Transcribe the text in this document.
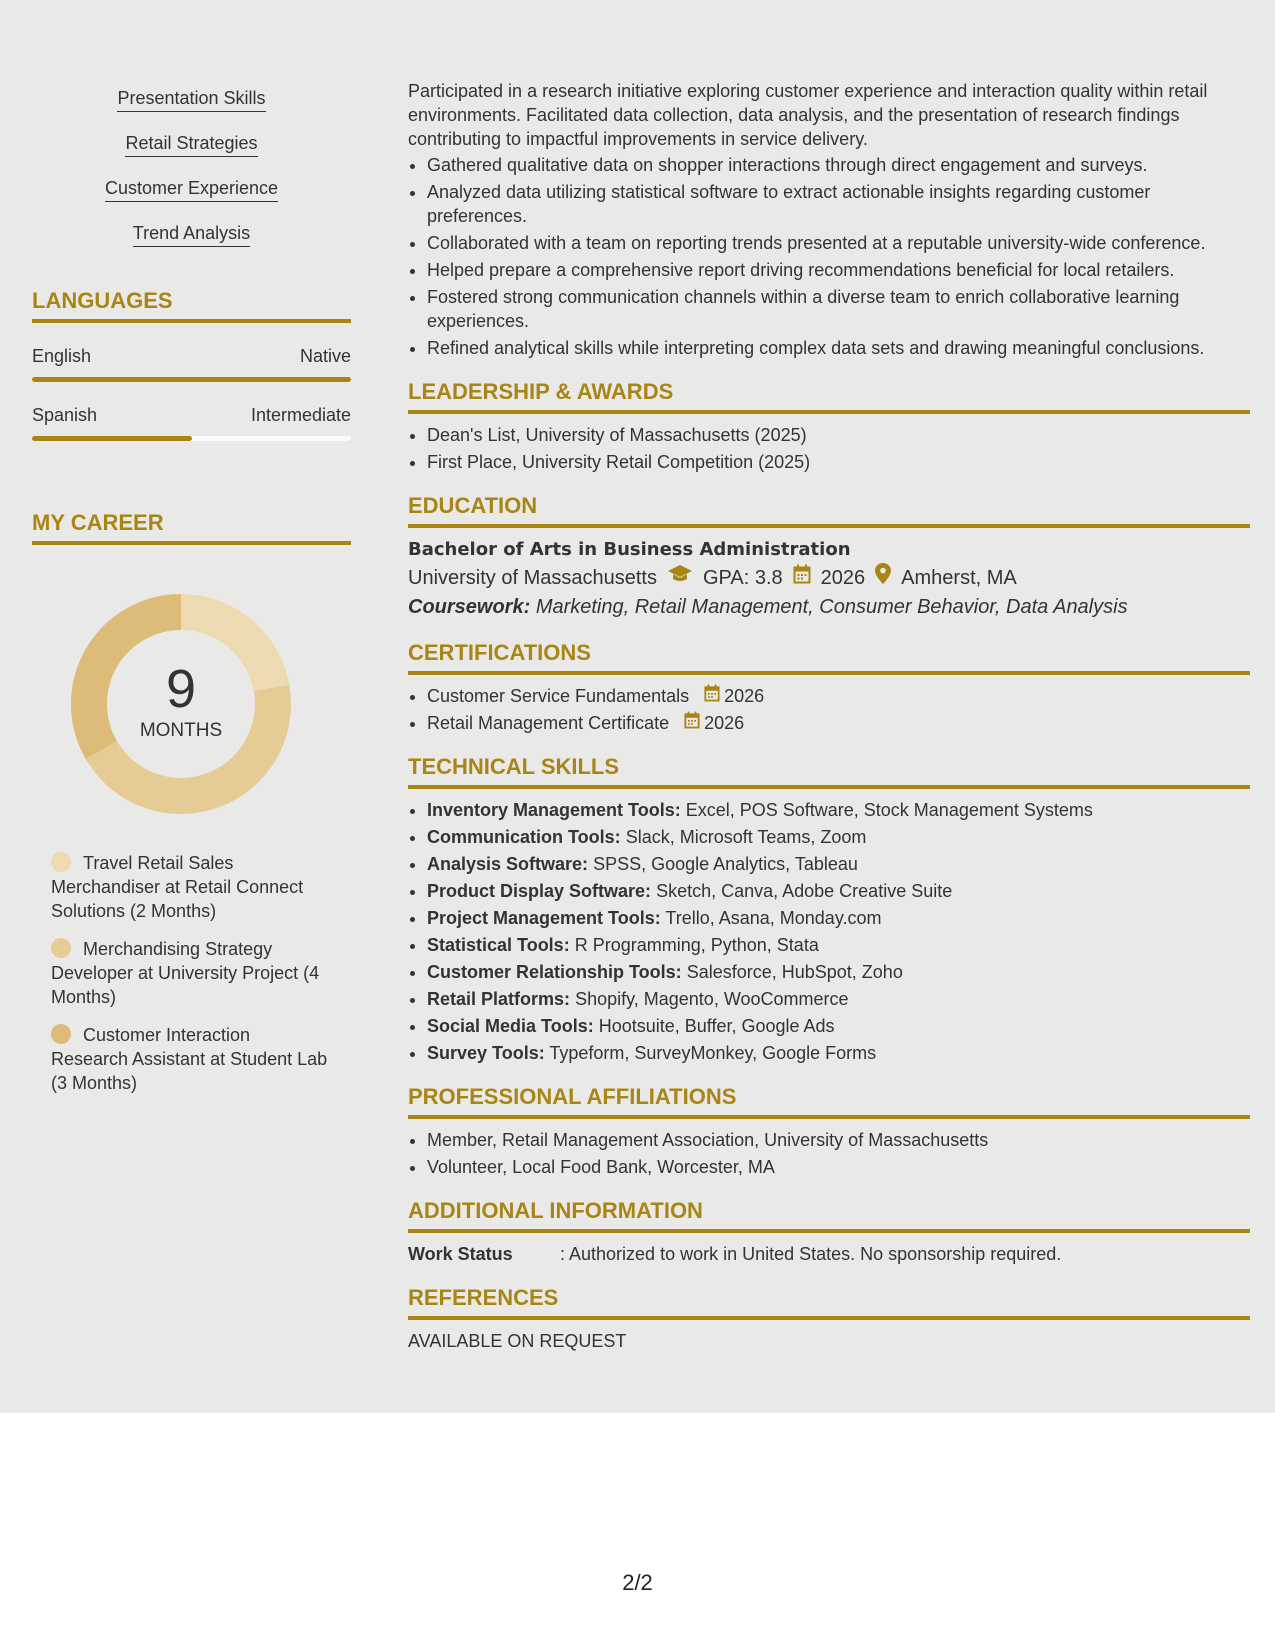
Presentation Skills
Retail Strategies
Customer Experience
Trend Analysis
LANGUAGES
English	Native
Spanish	Intermediate
MY CAREER
9
MONTHS
Travel Retail Sales Merchandiser at Retail Connect Solutions (2 Months)
Merchandising Strategy Developer at University Project (4 Months)
Customer Interaction Research Assistant at Student Lab (3 Months)

Participated in a research initiative exploring customer experience and interaction quality within retail environments. Facilitated data collection, data analysis, and the presentation of research findings contributing to impactful improvements in service delivery.

• Gathered qualitative data on shopper interactions through direct engagement and surveys.
• Analyzed data utilizing statistical software to extract actionable insights regarding customer preferences.
• Collaborated with a team on reporting trends presented at a reputable university-wide conference.
• Helped prepare a comprehensive report driving recommendations beneficial for local retailers.
• Fostered strong communication channels within a diverse team to enrich collaborative learning experiences.
• Refined analytical skills while interpreting complex data sets and drawing meaningful conclusions.
LEADERSHIP & AWARDS
• Dean's List, University of Massachusetts (2025)
• First Place, University Retail Competition (2025)
EDUCATION
Bachelor of Arts in Business Administration
University of Massachusetts GPA: 3.8 2026 Amherst, MA
Coursework: Marketing, Retail Management, Consumer Behavior, Data Analysis
CERTIFICATIONS
• Customer Service Fundamentals 2026
• Retail Management Certificate 2026
TECHNICAL SKILLS
• Inventory Management Tools: Excel, POS Software, Stock Management Systems
• Communication Tools: Slack, Microsoft Teams, Zoom
• Analysis Software: SPSS, Google Analytics, Tableau
• Product Display Software: Sketch, Canva, Adobe Creative Suite
• Project Management Tools: Trello, Asana, Monday.com
• Statistical Tools: R Programming, Python, Stata
• Customer Relationship Tools: Salesforce, HubSpot, Zoho
• Retail Platforms: Shopify, Magento, WooCommerce
• Social Media Tools: Hootsuite, Buffer, Google Ads
• Survey Tools: Typeform, SurveyMonkey, Google Forms
PROFESSIONAL AFFILIATIONS
• Member, Retail Management Association, University of Massachusetts
• Volunteer, Local Food Bank, Worcester, MA
ADDITIONAL INFORMATION
Work Status	: Authorized to work in United States. No sponsorship required.
REFERENCES
AVAILABLE ON REQUEST
2/2
